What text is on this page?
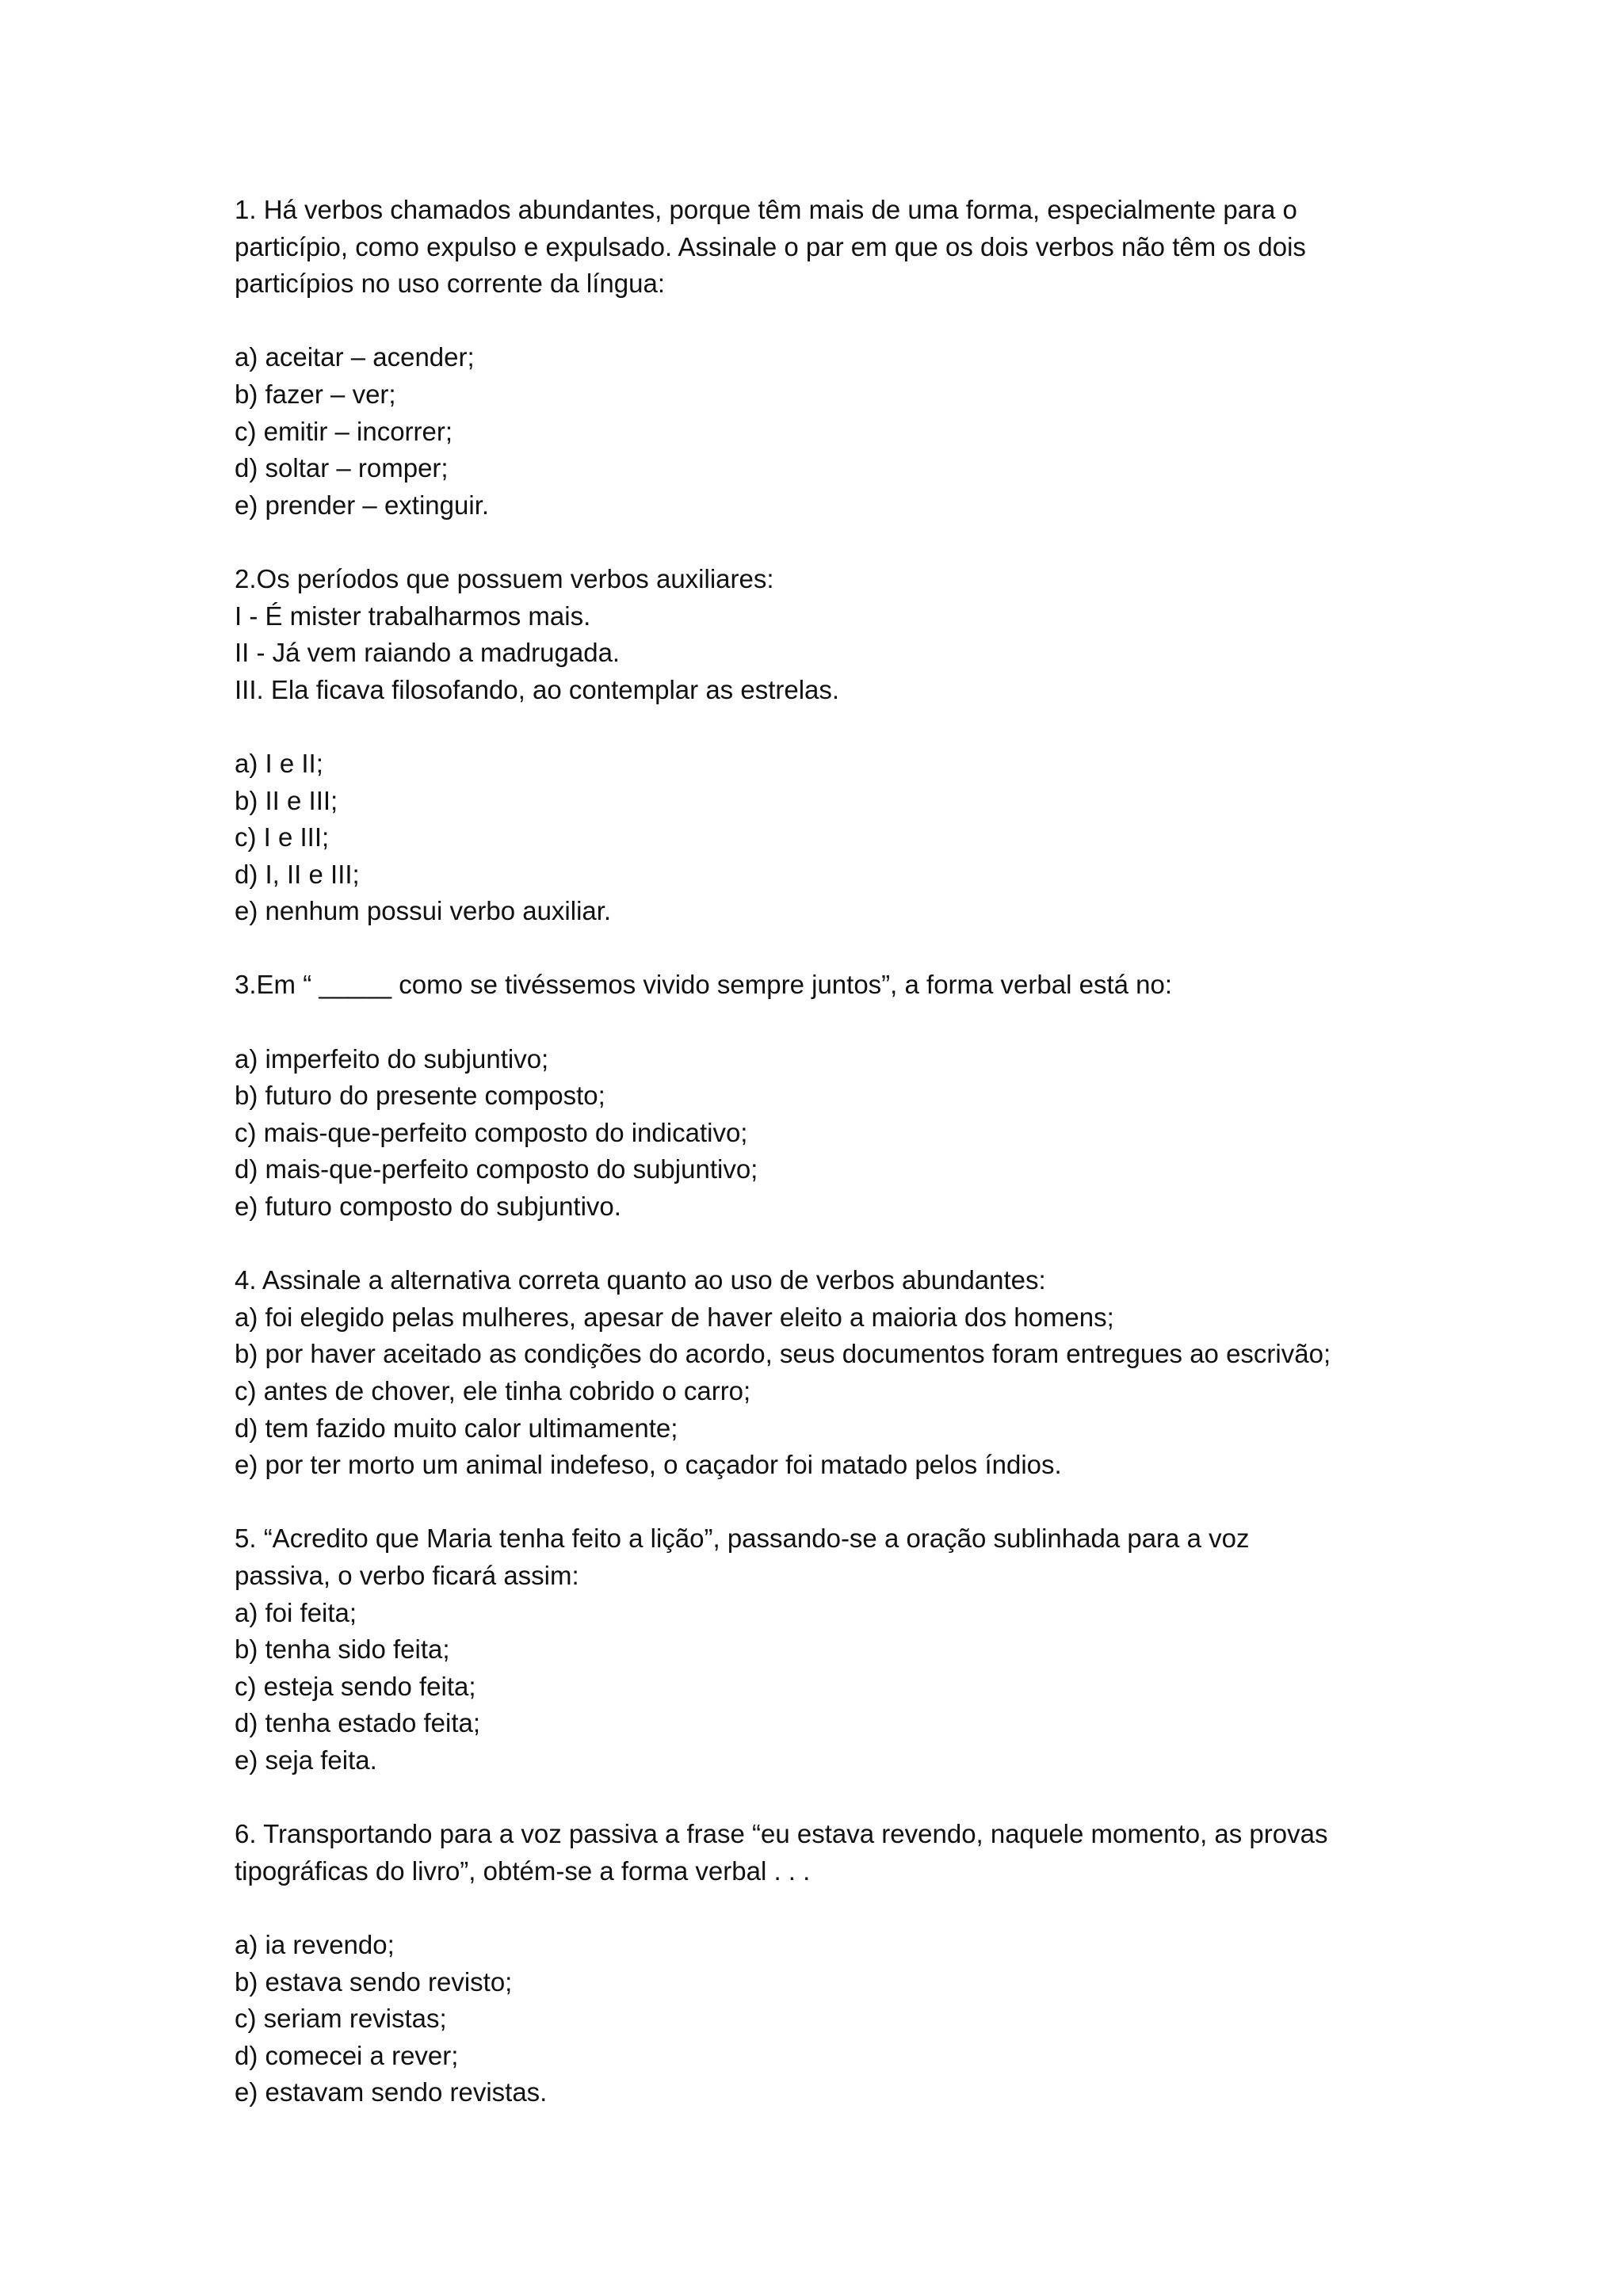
1. Há verbos chamados abundantes, porque têm mais de uma forma, especialmente para o
particípio, como expulso e expulsado. Assinale o par em que os dois verbos não têm os dois
particípios no uso corrente da língua:
a) aceitar – acender;
b) fazer – ver;
c) emitir – incorrer;
d) soltar – romper;
e) prender – extinguir.
2.Os períodos que possuem verbos auxiliares:
I - É mister trabalharmos mais.
II - Já vem raiando a madrugada.
III. Ela ficava filosofando, ao contemplar as estrelas.
a) I e II;
b) II e III;
c) I e III;
d) I, II e III;
e) nenhum possui verbo auxiliar.
3.Em “ _____ como se tivéssemos vivido sempre juntos”, a forma verbal está no:
a) imperfeito do subjuntivo;
b) futuro do presente composto;
c) mais-que-perfeito composto do indicativo;
d) mais-que-perfeito composto do subjuntivo;
e) futuro composto do subjuntivo.
4. Assinale a alternativa correta quanto ao uso de verbos abundantes:
a) foi elegido pelas mulheres, apesar de haver eleito a maioria dos homens;
b) por haver aceitado as condições do acordo, seus documentos foram entregues ao escrivão;
c) antes de chover, ele tinha cobrido o carro;
d) tem fazido muito calor ultimamente;
e) por ter morto um animal indefeso, o caçador foi matado pelos índios.
5. “Acredito que Maria tenha feito a lição”, passando-se a oração sublinhada para a voz
passiva, o verbo ficará assim:
a) foi feita;
b) tenha sido feita;
c) esteja sendo feita;
d) tenha estado feita;
e) seja feita.
6. Transportando para a voz passiva a frase “eu estava revendo, naquele momento, as provas
tipográficas do livro”, obtém-se a forma verbal . . .
a) ia revendo;
b) estava sendo revisto;
c) seriam revistas;
d) comecei a rever;
e) estavam sendo revistas.
